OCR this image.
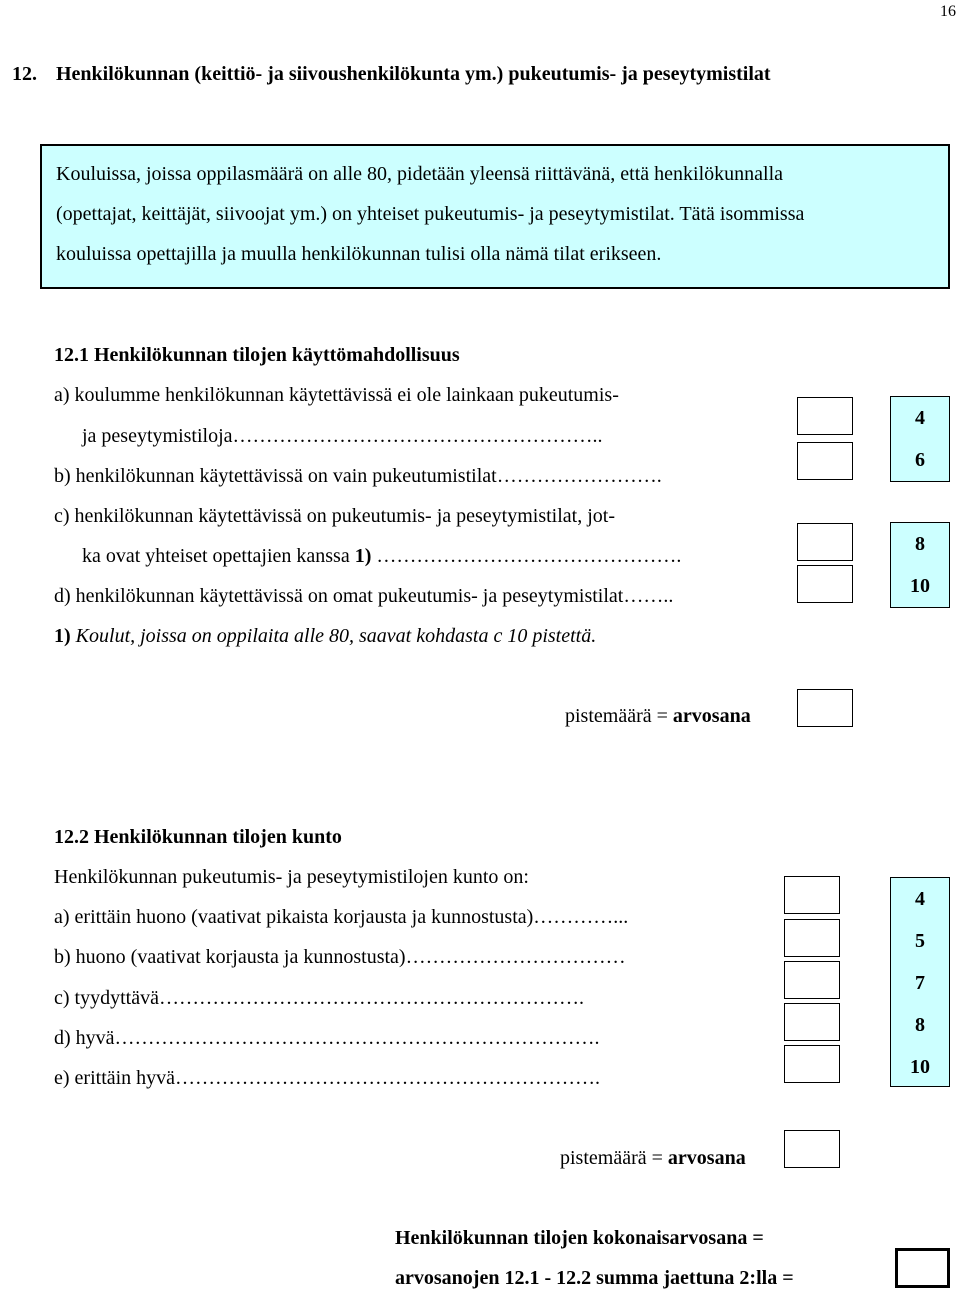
16
12. Henkilökunnan (keittiö- ja siivoushenkilökunta ym.) pukeutumis- ja peseytymistilat
Kouluissa, joissa oppilasmäärä on alle 80, pidetään yleensä riittävänä, että henkilökunnalla
(opettajat, keittäjät, siivoojat ym.) on yhteiset pukeutumis- ja peseytymistilat. Tätä isommissa
kouluissa opettajilla ja muulla henkilökunnan tulisi olla nämä tilat erikseen.
12.1 Henkilökunnan tilojen käyttömahdollisuus
a) koulumme henkilökunnan käytettävissä ei ole lainkaan pukeutumis-
ja peseytymistiloja………………………………………………..
b) henkilökunnan käytettävissä on vain pukeutumistilat…………………….
c) henkilökunnan käytettävissä on pukeutumis- ja peseytymistilat, jot-
ka ovat yhteiset opettajien kanssa 1) ……………………………………….
d) henkilökunnan käytettävissä on omat pukeutumis- ja peseytymistilat……..
1) Koulut, joissa on oppilaita alle 80, saavat kohdasta c 10 pistettä.
4
6
8
10
pistemäärä = arvosana
12.2 Henkilökunnan tilojen kunto
Henkilökunnan pukeutumis- ja peseytymistilojen kunto on:
a) erittäin huono (vaativat pikaista korjausta ja kunnostusta)…………...
b) huono (vaativat korjausta ja kunnostusta)……………………………
c) tyydyttävä……………………………………………………….
d) hyvä……………………………………………………………….
e) erittäin hyvä……………………………………………………….
4
5
7
8
10
pistemäärä = arvosana
Henkilökunnan tilojen kokonaisarvosana =
arvosanojen 12.1 - 12.2 summa jaettuna 2:lla =
